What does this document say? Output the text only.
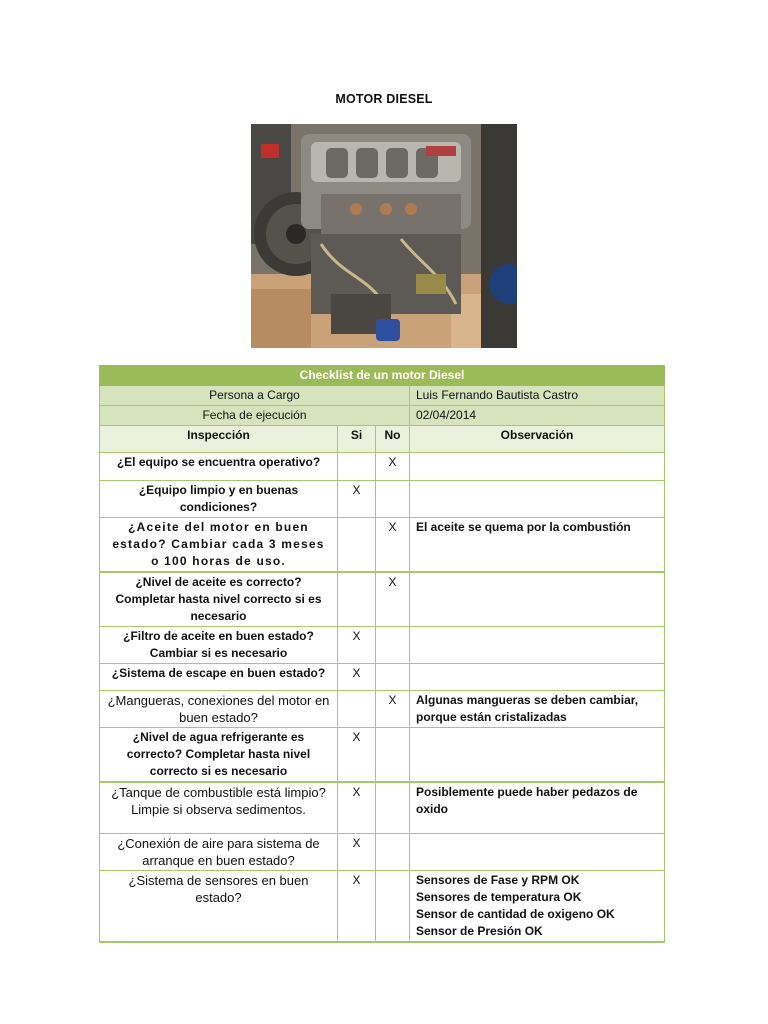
MOTOR DIESEL
Checklist de un motor Diesel			
Persona a Cargo			Luis Fernando Bautista Castro
Fecha de ejecución			02/04/2014
Inspección	Si	No	Observación
¿El equipo se encuentra operativo?		X	
¿Equipo limpio y en buenas condiciones?	X		
¿Aceite del motor en buen estado? Cambiar cada 3 meses o 100 horas de uso.		X	El aceite se quema por la combustión

¿Nivel de aceite es correcto? Completar hasta nivel correcto si es necesario		X	
¿Filtro de aceite en buen estado? Cambiar si es necesario	X		
¿Sistema de escape en buen estado?	X		
¿Mangueras, conexiones del motor en buen estado?		X	Algunas mangueras se deben cambiar, porque están cristalizadas

¿Nivel de agua refrigerante es correcto? Completar hasta nivel correcto si es necesario	X		
¿Tanque de combustible está limpio? Limpie si observa sedimentos.	X		Posiblemente puede haber pedazos de oxido

¿Conexión de aire para sistema de arranque en buen estado?	X		
¿Sistema de sensores en buen estado?	X		Sensores de Fase y RPM OK
Sensores de temperatura OK
Sensor de cantidad de oxigeno OK
Sensor de Presión OK
